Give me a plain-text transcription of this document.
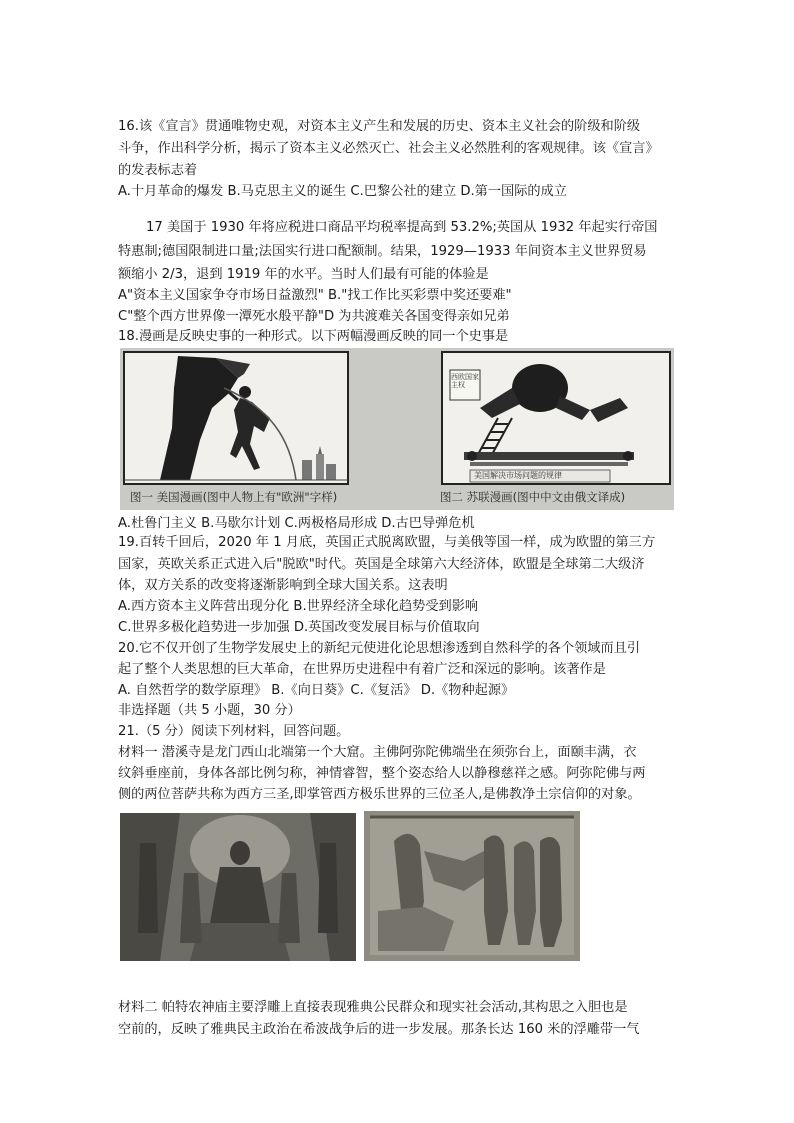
16.该《宣言》贯通唯物史观，对资本主义产生和发展的历史、资本主义社会的阶级和阶级
斗争，作出科学分析，揭示了资本主义必然灭亡、社会主义必然胜利的客观规律。该《宣言》
的发表标志着
A.十月革命的爆发 B.马克思主义的诞生 C.巴黎公社的建立 D.第一国际的成立
17 美国于 1930 年将应税进口商品平均税率提高到 53.2%;英国从 1932 年起实行帝国
特惠制;德国限制进口量;法国实行进口配额制。结果，1929—1933 年间资本主义世界贸易
额缩小 2/3，退到 1919 年的水平。当时人们最有可能的体验是
A"资本主义国家争夺市场日益激烈" B."找工作比买彩票中奖还要难"
C"整个西方世界像一潭死水般平静"D 为共渡难关各国变得亲如兄弟
18.漫画是反映史事的一种形式。以下两幅漫画反映的同一个史事是
图一 美国漫画(图中人物上有"欧洲"字样)	图二 苏联漫画(图中中文由俄文译成)
西欧国家主权
美国解决市场问题的规律
A.杜鲁门主义 B.马歇尔计划 C.两极格局形成 D.古巴导弹危机
19.百转千回后，2020 年 1 月底，英国正式脱离欧盟，与美俄等国一样，成为欧盟的第三方
国家，英欧关系正式进入后"脱欧"时代。英国是全球第六大经济体，欧盟是全球第二大级济
体，双方关系的改变将逐渐影响到全球大国关系。这表明
A.西方资本主义阵营出现分化 B.世界经济全球化趋势受到影响
C.世界多极化趋势进一步加强 D.英国改变发展目标与价值取向
20.它不仅开创了生物学发展史上的新纪元使进化论思想渗透到自然科学的各个领域而且引
起了整个人类思想的巨大革命，在世界历史进程中有着广泛和深远的影响。该著作是
A. 自然哲学的数学原理》 B.《向日葵》C.《复活》 D.《物种起源》
非选择题（共 5 小题，30 分）
21.（5 分）阅读下列材料，回答问题。
材料一 潜溪寺是龙门西山北端第一个大窟。主佛阿弥陀佛端坐在须弥台上，面颐丰满，衣
纹斜垂座前，身体各部比例匀称，神情睿智，整个姿态给人以静穆慈祥之感。阿弥陀佛与两
侧的两位菩萨共称为西方三圣,即掌管西方极乐世界的三位圣人,是佛教净土宗信仰的对象。
材料二 帕特农神庙主要浮雕上直接表现雅典公民群众和现实社会活动,其构思之入胆也是
空前的，反映了雅典民主政治在希波战争后的进一步发展。那条长达 160 米的浮雕带一气
